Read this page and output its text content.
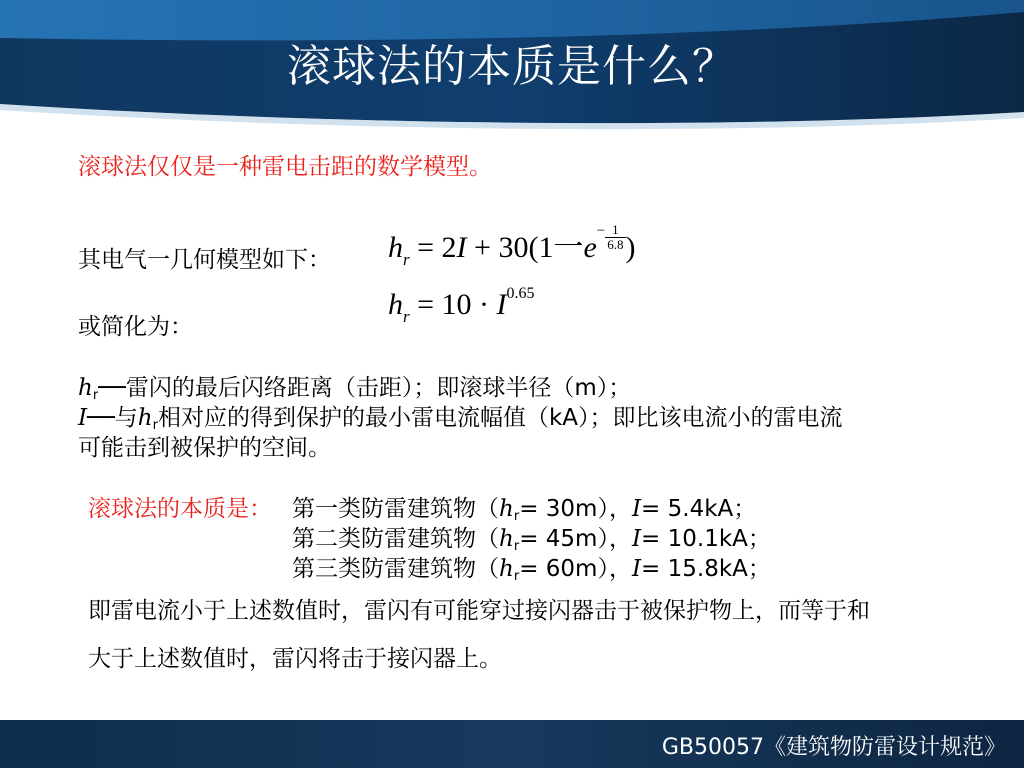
滚球法的本质是什么？
滚球法仅仅是一种雷电击距的数学模型。
其电气一几何模型如下： $h_r = 2I + 30(1$一$e- \frac{1}{6.8}$ )
或简化为：
$h_r = 10 \cdot I^{0.65}$
$h_r──$雷闪的最后闪络距离（击距）；即滚球半径（m）；
I──与$h_r$相对应的得到保护的最小雷电流幅值（kA）；即比该电流小的雷电流
可能击到被保护的空间。
滚球法的本质是： 第一类防雷建筑物$(h_r= 30m)$，I= 5.4kA；
第二类防雷建筑物$(h_r= 45m)$，I= 10.1kA；
第三类防雷建筑物$(h_r= 60m)$，I= 15.8kA；
即雷电流小于上述数值时，雷闪有可能穿过接闪器击于被保护物上，而等于和
大于上述数值时，雷闪将击于接闪器上。
GB50057《建筑物防雷设计规范》
